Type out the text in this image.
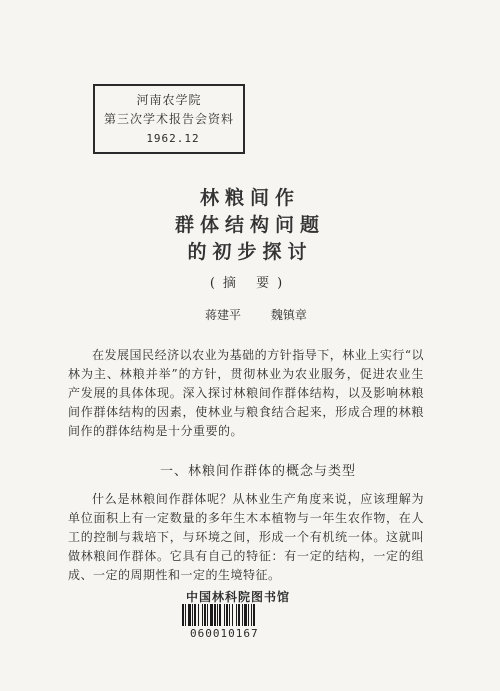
河南农学院
第三次学术报告会资料
1962.12
林粮间作
群体结构问题
的初步探讨
(摘 要)
蒋建平 魏镇章

在发展国民经济以农业为基础的方针指导下，林业上实行“以林为主、林粮并举”的方针，贯彻林业为农业服务，促进农业生产发展的具体体现。深入探讨林粮间作群体结构，以及影响林粮间作群体结构的因素，使林业与粮食结合起来，形成合理的林粮间作的群体结构是十分重要的。

一、林粮间作群体的概念与类型

什么是林粮间作群体呢？从林业生产角度来说，应该理解为单位面积上有一定数量的多年生木本植物与一年生农作物，在人工的控制与栽培下，与环境之间，形成一个有机统一体。这就叫做林粮间作群体。它具有自己的特征：有一定的结构，一定的组成、一定的周期性和一定的生境特征。

中国林科院图书馆
060010167
